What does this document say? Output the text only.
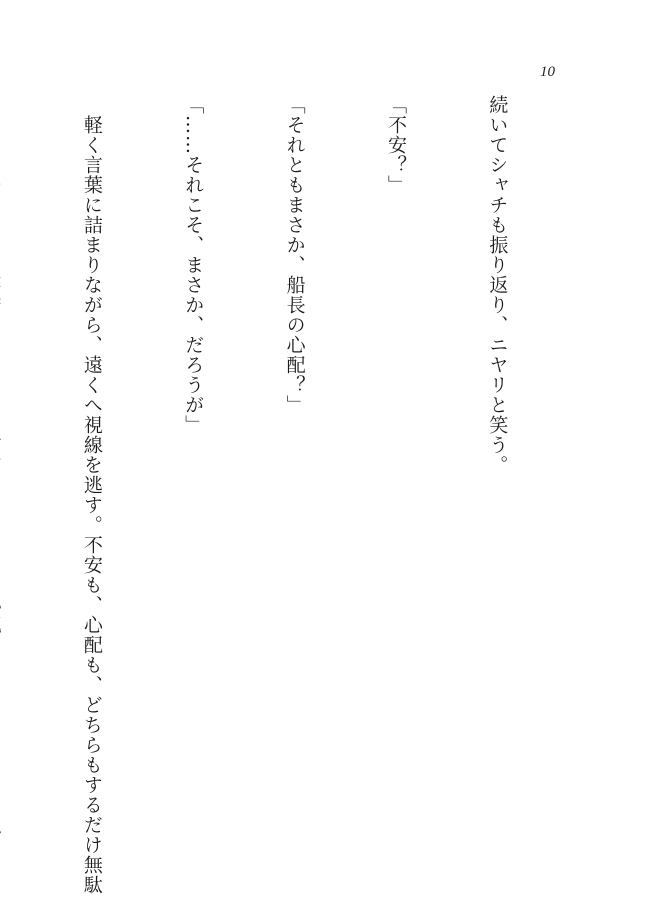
10

続いてシャチも振り返り、ニヤリと笑う。

「不安？」

「それともまさか、船長の心配？」

「……それこそ、まさか、だろうが」

　軽く言葉に詰まりながら、遠くへ視線を逃す。不安も、心配も、どちらもするだけ無駄
